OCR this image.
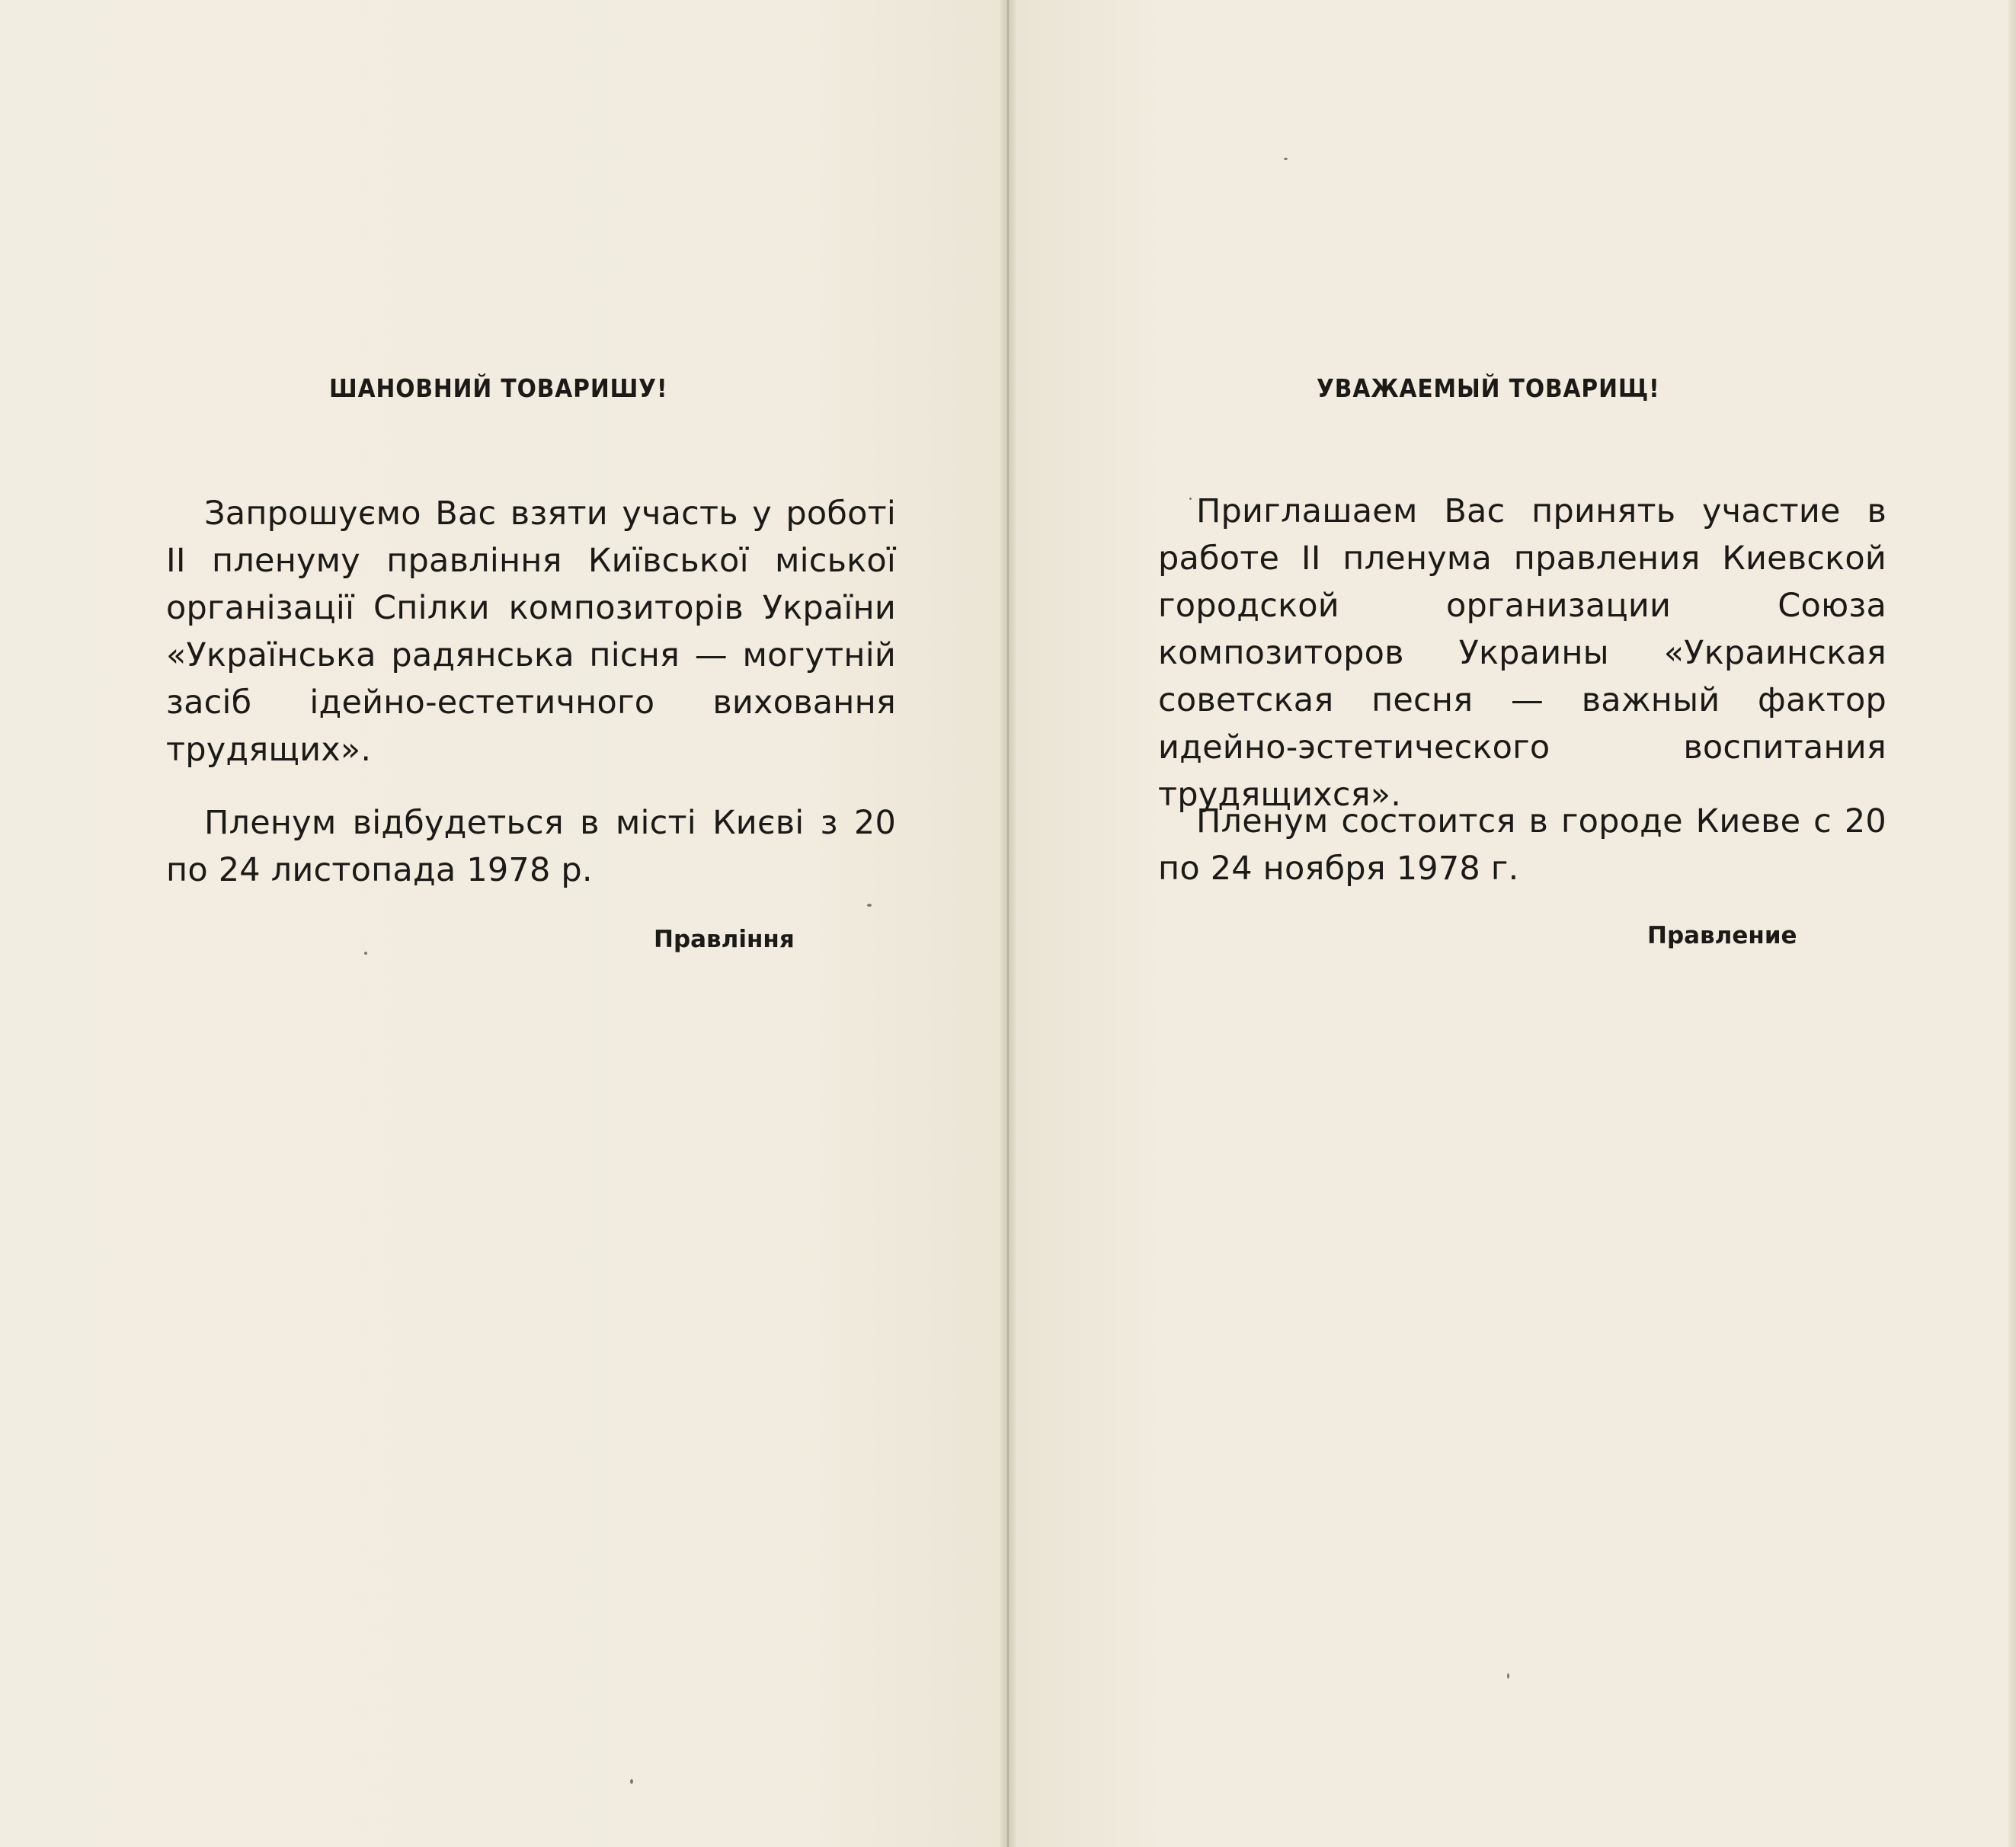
ШАНОВНИЙ ТОВАРИШУ!

Запрошуємо Вас взяти участь у роботі II пленуму правління Київської міської організації Спілки композиторів України «Українська радянська пісня — могутній засіб ідейно-естетичного виховання трудящих».

Пленум відбудеться в місті Києві з 20 по 24 листопада 1978 р.

Правління

УВАЖАЕМЫЙ ТОВАРИЩ!

Приглашаем Вас принять участие в работе II пленума правления Киевской городской организации Союза композиторов Украины «Украинская советская песня — важный фактор идейно-эстетического воспитания трудящихся».

Пленум состоится в городе Киеве с 20 по 24 ноября 1978 г.

Правление
